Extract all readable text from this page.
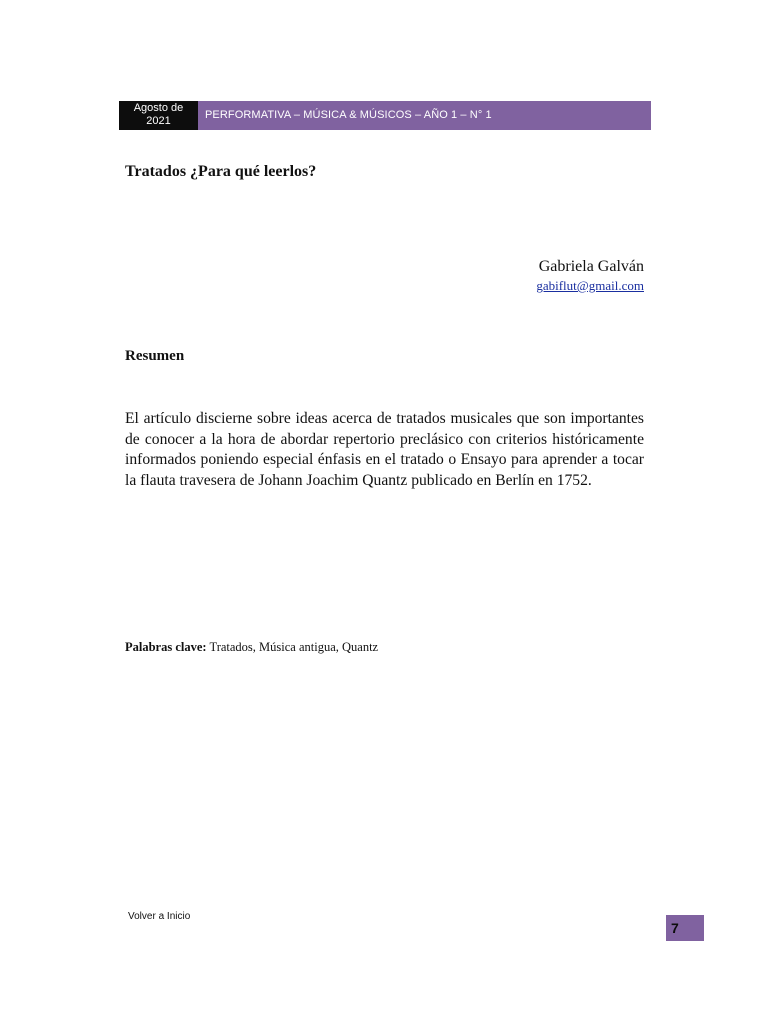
Agosto de
2021	PERFORMATIVA – MÚSICA & MÚSICOS – AÑO 1 – N° 1
Tratados ¿Para qué leerlos?
Gabriela Galván
gabiflut@gmail.com
Resumen

El artículo discierne sobre ideas acerca de tratados musicales que son importantes de conocer a la hora de abordar repertorio preclásico con criterios históricamente informados poniendo especial énfasis en el tratado o Ensayo para aprender a tocar la flauta travesera de Johann Joachim Quantz publicado en Berlín en 1752.

Palabras clave: Tratados, Música antigua, Quantz

Volver a Inicio
7
